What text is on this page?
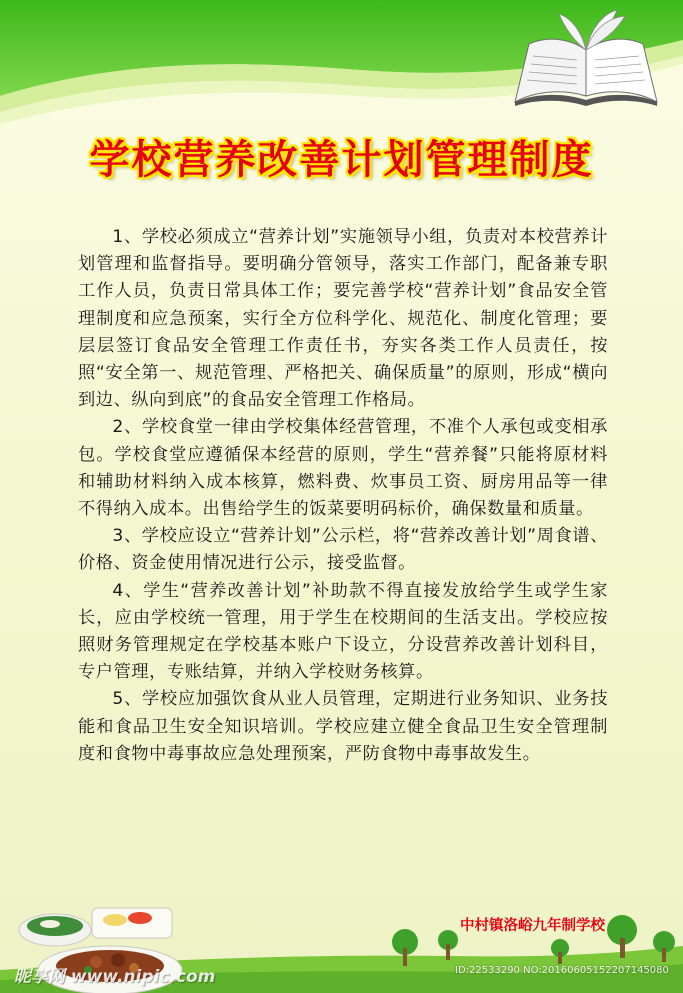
学校营养改善计划管理制度

1、学校必须成立“营养计划”实施领导小组，负责对本校营养计划管理和监督指导。要明确分管领导，落实工作部门，配备兼专职工作人员，负责日常具体工作；要完善学校“营养计划”食品安全管理制度和应急预案，实行全方位科学化、规范化、制度化管理；要层层签订食品安全管理工作责任书，夯实各类工作人员责任，按照“安全第一、规范管理、严格把关、确保质量”的原则，形成“横向到边、纵向到底”的食品安全管理工作格局。

2、学校食堂一律由学校集体经营管理，不准个人承包或变相承包。学校食堂应遵循保本经营的原则，学生“营养餐”只能将原材料和辅助材料纳入成本核算，燃料费、炊事员工资、厨房用品等一律不得纳入成本。出售给学生的饭菜要明码标价，确保数量和质量。

3、学校应设立“营养计划”公示栏，将“营养改善计划”周食谱、价格、资金使用情况进行公示，接受监督。

4、学生“营养改善计划”补助款不得直接发放给学生或学生家长，应由学校统一管理，用于学生在校期间的生活支出。学校应按照财务管理规定在学校基本账户下设立，分设营养改善计划科目，专户管理，专账结算，并纳入学校财务核算。

5、学校应加强饮食从业人员管理，定期进行业务知识、业务技能和食品卫生安全知识培训。学校应建立健全食品卫生安全管理制度和食物中毒事故应急处理预案，严防食物中毒事故发生。

中村镇洛峪九年制学校
昵享网 www.nipic.com	ID:22533290 NO:20160605152207145080
